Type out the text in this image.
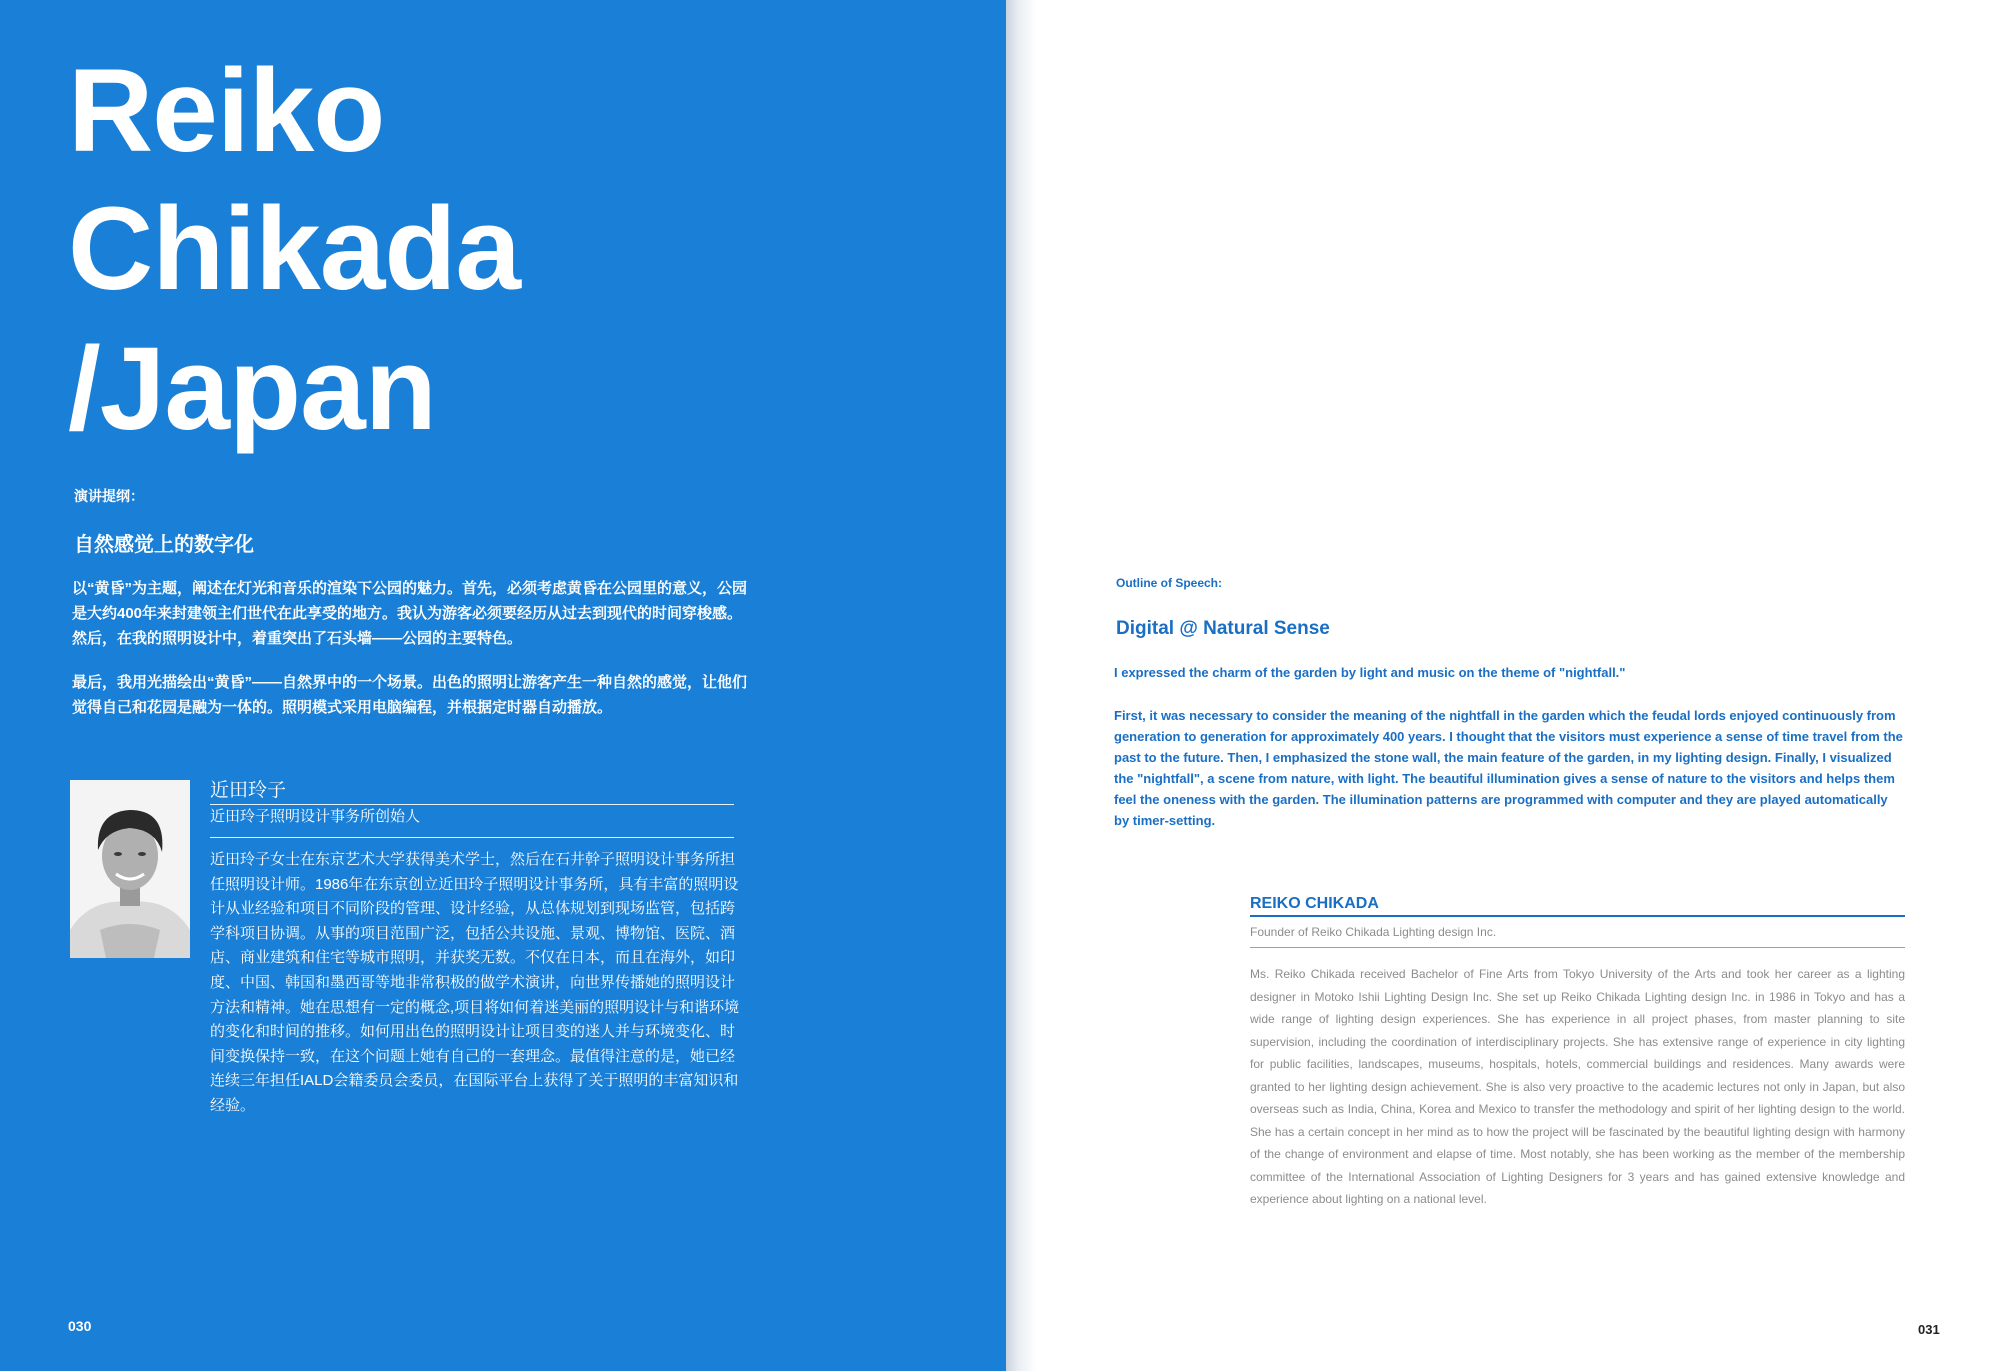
Reiko
Chikada
/Japan
演讲提纲：
自然感觉上的数字化

以“黄昏”为主题，阐述在灯光和音乐的渲染下公园的魅力。首先，必须考虑黄昏在公园里的意义，公园是大约400年来封建领主们世代在此享受的地方。我认为游客必须要经历从过去到现代的时间穿梭感。然后，在我的照明设计中，着重突出了石头墙——公园的主要特色。

最后，我用光描绘出“黄昏”——自然界中的一个场景。出色的照明让游客产生一种自然的感觉，让他们觉得自己和花园是融为一体的。照明模式采用电脑编程，并根据定时器自动播放。

近田玲子
近田玲子照明设计事务所创始人

近田玲子女士在东京艺术大学获得美术学士，然后在石井幹子照明设计事务所担任照明设计师。1986年在东京创立近田玲子照明设计事务所，具有丰富的照明设计从业经验和项目不同阶段的管理、设计经验，从总体规划到现场监管，包括跨学科项目协调。从事的项目范围广泛，包括公共设施、景观、博物馆、医院、酒店、商业建筑和住宅等城市照明，并获奖无数。不仅在日本，而且在海外，如印度、中国、韩国和墨西哥等地非常积极的做学术演讲，向世界传播她的照明设计方法和精神。她在思想有一定的概念,项目将如何着迷美丽的照明设计与和谐环境的变化和时间的推移。如何用出色的照明设计让项目变的迷人并与环境变化、时间变换保持一致，在这个问题上她有自己的一套理念。最值得注意的是，她已经连续三年担任IALD会籍委员会委员，在国际平台上获得了关于照明的丰富知识和经验。

030
Outline of Speech:
Digital @ Natural Sense

I expressed the charm of the garden by light and music on the theme of "nightfall."

First, it was necessary to consider the meaning of the nightfall in the garden which the feudal lords enjoyed continuously from generation to generation for approximately 400 years. I thought that the visitors must experience a sense of time travel from the past to the future. Then, I emphasized the stone wall, the main feature of the garden, in my lighting design. Finally, I visualized the "nightfall", a scene from nature, with light. The beautiful illumination gives a sense of nature to the visitors and helps them feel the oneness with the garden. The illumination patterns are programmed with computer and they are played automatically by timer-setting.

REIKO CHIKADA
Founder of Reiko Chikada Lighting design Inc.

Ms. Reiko Chikada received Bachelor of Fine Arts from Tokyo University of the Arts and took her career as a lighting designer in Motoko Ishii Lighting Design Inc. She set up Reiko Chikada Lighting design Inc. in 1986 in Tokyo and has a wide range of lighting design experiences. She has experience in all project phases, from master planning to site supervision, including the coordination of interdisciplinary projects. She has extensive range of experience in city lighting for public facilities, landscapes, museums, hospitals, hotels, commercial buildings and residences. Many awards were granted to her lighting design achievement. She is also very proactive to the academic lectures not only in Japan, but also overseas such as India, China, Korea and Mexico to transfer the methodology and spirit of her lighting design to the world. She has a certain concept in her mind as to how the project will be fascinated by the beautiful lighting design with harmony of the change of environment and elapse of time. Most notably, she has been working as the member of the membership committee of the International Association of Lighting Designers for 3 years and has gained extensive knowledge and experience about lighting on a national level.

031
